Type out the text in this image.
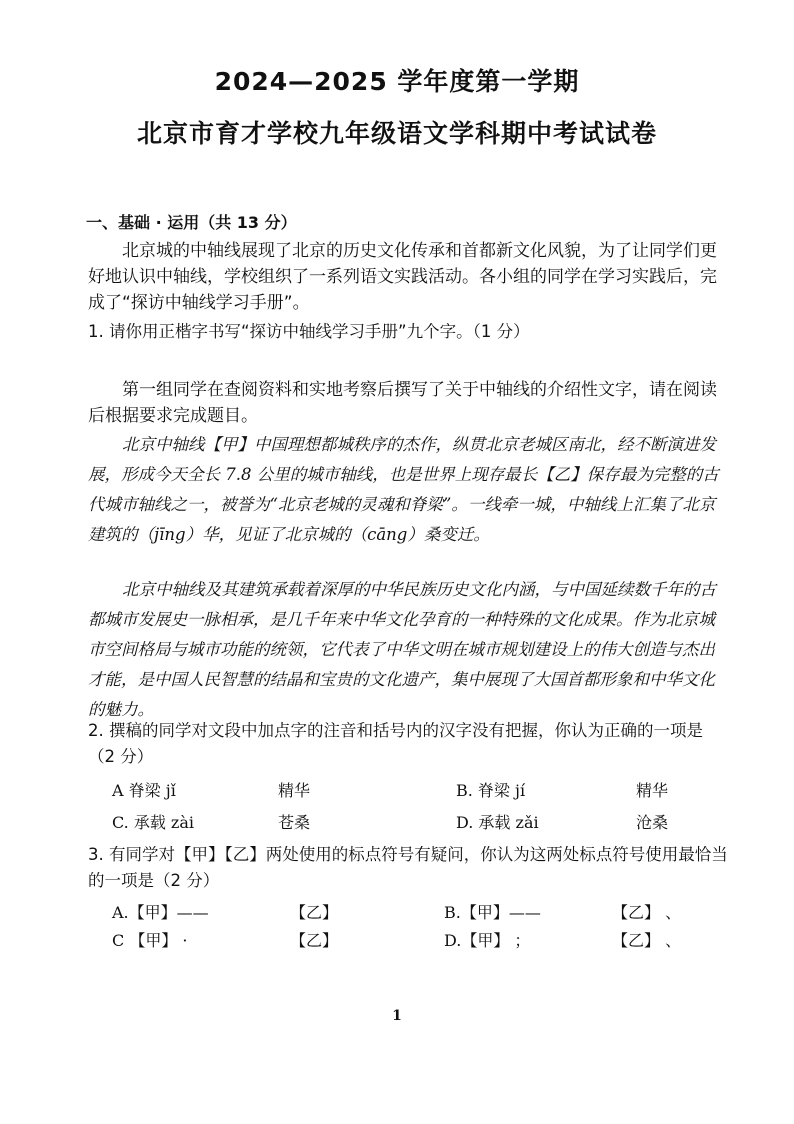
2024—2025 学年度第一学期
北京市育才学校九年级语文学科期中考试试卷
一、基础 · 运用（共 13 分）
北京城的中轴线展现了北京的历史文化传承和首都新文化风貌，为了让同学们更好地认识中轴线，学校组织了一系列语文实践活动。各小组的同学在学习实践后，完成了“探访中轴线学习手册”。
1. 请你用正楷字书写“探访中轴线学习手册”九个字。（1 分）
第一组同学在查阅资料和实地考察后撰写了关于中轴线的介绍性文字，请在阅读后根据要求完成题目。
北京中轴线【甲】中国理想都城秩序的杰作，纵贯北京老城区南北，经不断演进发展，形成今天全长 7.8 公里的城市轴线，也是世界上现存最长【乙】保存最为完整的古代城市轴线之一，被誉为“北京老城的灵魂和脊梁”。一线牵一城，中轴线上汇集了北京建筑的（jīng）华，见证了北京城的（cāng）桑变迁。
北京中轴线及其建筑承载着深厚的中华民族历史文化内涵，与中国延续数千年的古都城市发展史一脉相承，是几千年来中华文化孕育的一种特殊的文化成果。作为北京城市空间格局与城市功能的统领，它代表了中华文明在城市规划建设上的伟大创造与杰出才能，是中国人民智慧的结晶和宝贵的文化遗产，集中展现了大国首都形象和中华文化的魅力。
2. 撰稿的同学对文段中加点字的注音和括号内的汉字没有把握，你认为正确的一项是（2 分）
A 脊梁 jǐ	精华	B. 脊梁 jí	精华
C. 承载 zài	苍桑	D. 承载 zǎi	沧桑
3. 有同学对【甲】【乙】两处使用的标点符号有疑问，你认为这两处标点符号使用最恰当的一项是（2 分）
A.【甲】——	【乙】	B.【甲】——	【乙】 、
C 【甲】 ·	【乙】	D.【甲】 ；	【乙】 、
1
